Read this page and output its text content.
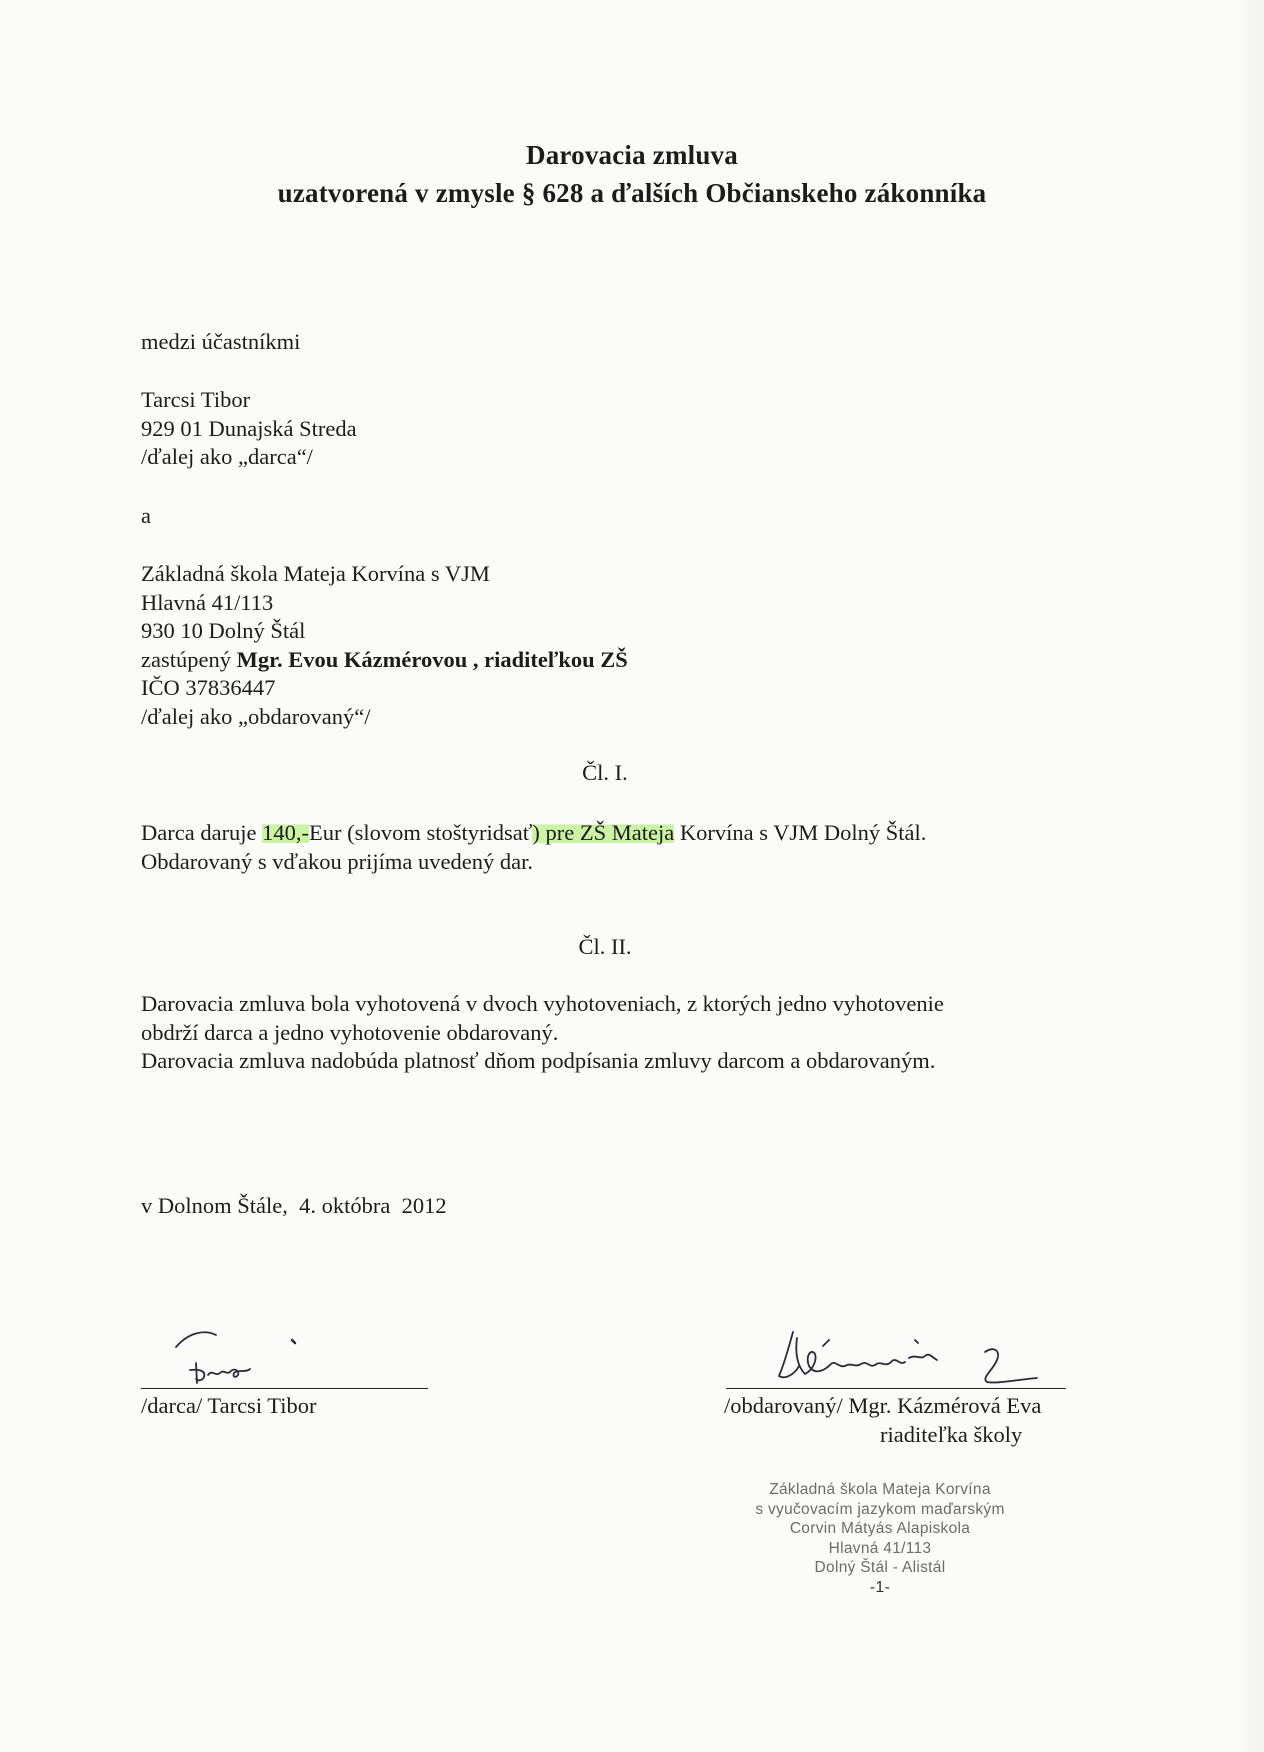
Darovacia zmluva
uzatvorená v zmysle § 628 a ďalších Občianskeho zákonníka
medzi účastníkmi
Tarcsi Tibor
929 01 Dunajská Streda
/ďalej ako „darca“/
a
Základná škola Mateja Korvína s VJM
Hlavná 41/113
930 10 Dolný Štál
zastúpený Mgr. Evou Kázmérovou , riaditeľkou ZŠ
IČO 37836447
/ďalej ako „obdarovaný“/
Čl. I.
Darca daruje 140,-Eur (slovom stoštyridsať) pre ZŠ Mateja Korvína s VJM Dolný Štál.
Obdarovaný s vďakou prijíma uvedený dar.
Čl. II.
Darovacia zmluva bola vyhotovená v dvoch vyhotoveniach, z ktorých jedno vyhotovenie
obdrží darca a jedno vyhotovenie obdarovaný.
Darovacia zmluva nadobúda platnosť dňom podpísania zmluvy darcom a obdarovaným.
v Dolnom Štále,  4. októbra  2012
/darca/ Tarcsi Tibor	/obdarovaný/ Mgr. Kázmérová Eva
riaditeľka školy
Základná škola Mateja Korvína
s vyučovacím jazykom maďarským
Corvin Mátyás Alapiskola
Hlavná 41/113
Dolný Štál - Alistál
-1-
